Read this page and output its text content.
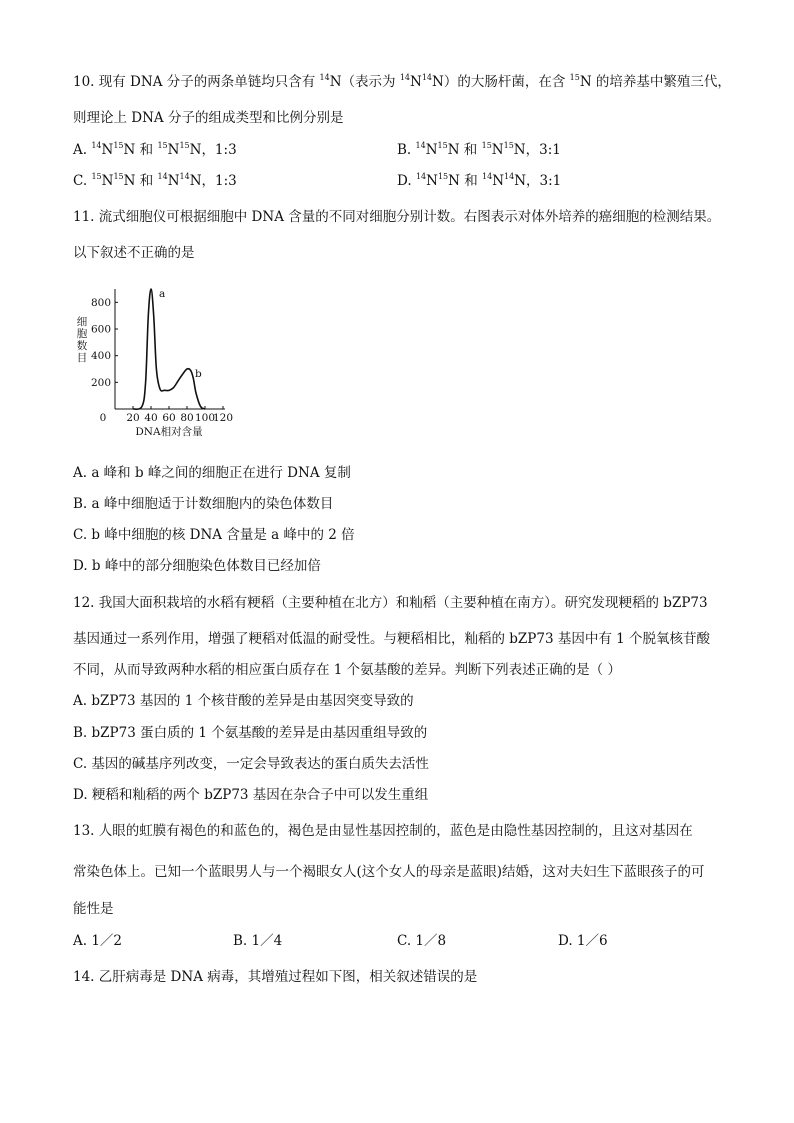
10. 现有 DNA 分子的两条单链均只含有 $^{14}$N（表示为 $^{14}N^{14}N$）的大肠杆菌，在含 $^{15}$N 的培养基中繁殖三代，
则理论上 DNA 分子的组成类型和比例分别是
A. $^{14}N^{15}N$ 和 $^{15}N^{15}N$，1:3	B. $^{14}N^{15}N$ 和 $^{15}N^{15}N$，3:1
C. $^{15}N^{15}N$ 和 $^{14}N^{14}N$，1:3	D. $^{14}N^{15}N$ 和 $^{14}N^{14}N$，3:1
11. 流式细胞仪可根据细胞中 DNA 含量的不同对细胞分别计数。右图表示对体外培养的癌细胞的检测结果。
以下叙述不正确的是
200
400
600
800
0 20 40 60 80 100
120
DNA相对含量
细
胞
数
目
a
b
A. a 峰和 b 峰之间的细胞正在进行 DNA 复制
B. a 峰中细胞适于计数细胞内的染色体数目
C. b 峰中细胞的核 DNA 含量是 a 峰中的 2 倍
D. b 峰中的部分细胞染色体数目已经加倍
12. 我国大面积栽培的水稻有粳稻（主要种植在北方）和籼稻（主要种植在南方）。研究发现粳稻的 bZP73
基因通过一系列作用，增强了粳稻对低温的耐受性。与粳稻相比，籼稻的 bZP73 基因中有 1 个脱氧核苷酸
不同，从而导致两种水稻的相应蛋白质存在 1 个氨基酸的差异。判断下列表述正确的是（ ）
A. bZP73 基因的 1 个核苷酸的差异是由基因突变导致的
B. bZP73 蛋白质的 1 个氨基酸的差异是由基因重组导致的
C. 基因的碱基序列改变，一定会导致表达的蛋白质失去活性
D. 粳稻和籼稻的两个 bZP73 基因在杂合子中可以发生重组
13. 人眼的虹膜有褐色的和蓝色的，褐色是由显性基因控制的，蓝色是由隐性基因控制的，且这对基因在
常染色体上。已知一个蓝眼男人与一个褐眼女人(这个女人的母亲是蓝眼)结婚，这对夫妇生下蓝眼孩子的可
能性是
A. 1／2	B. 1／4	C. 1／8	D. 1／6
14. 乙肝病毒是 DNA 病毒，其增殖过程如下图，相关叙述错误的是
